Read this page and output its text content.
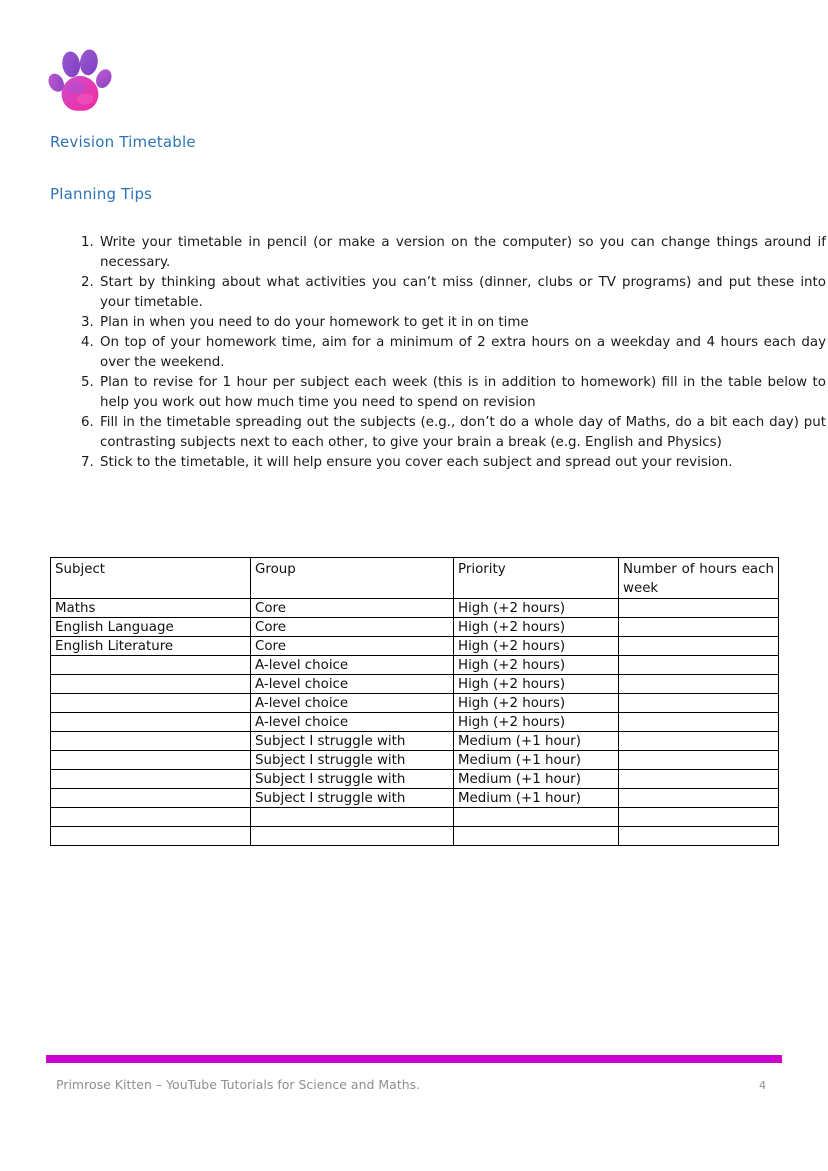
Revision Timetable
Planning Tips
1. Write your timetable in pencil (or make a version on the computer) so you can change things around if necessary.
2. Start by thinking about what activities you can’t miss (dinner, clubs or TV programs) and put these into your timetable.
3. Plan in when you need to do your homework to get it in on time
4. On top of your homework time, aim for a minimum of 2 extra hours on a weekday and 4 hours each day over the weekend.
5. Plan to revise for 1 hour per subject each week (this is in addition to homework) fill in the table below to help you work out how much time you need to spend on revision
6. Fill in the timetable spreading out the subjects (e.g., don’t do a whole day of Maths, do a bit each day) put contrasting subjects next to each other, to give your brain a break (e.g. English and Physics)
7. Stick to the timetable, it will help ensure you cover each subject and spread out your revision.
Subject	Group	Priority	Number of hours each week
Maths	Core	High (+2 hours)	
English Language	Core	High (+2 hours)	
English Literature	Core	High (+2 hours)	
	A-level choice	High (+2 hours)	
	A-level choice	High (+2 hours)	
	A-level choice	High (+2 hours)	
	A-level choice	High (+2 hours)	
	Subject I struggle with	Medium (+1 hour)	
	Subject I struggle with	Medium (+1 hour)	
	Subject I struggle with	Medium (+1 hour)	
	Subject I struggle with	Medium (+1 hour)	

Primrose Kitten – YouTube Tutorials for Science and Maths.	4
